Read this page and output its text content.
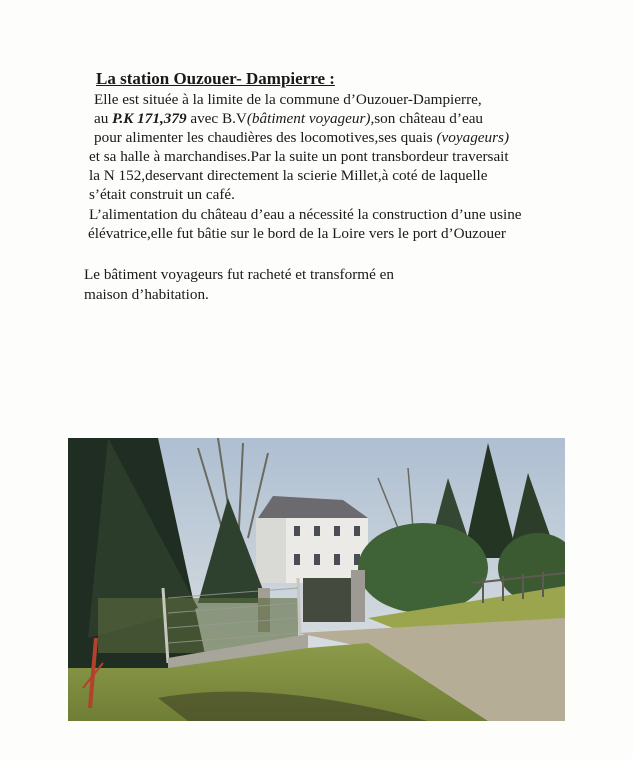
La station Ouzouer- Dampierre :
Elle est située à la limite de la commune d’Ouzouer-Dampierre,
au P.K 171,379 avec B.V(bâtiment voyageur),son château d’eau
pour alimenter les chaudières des locomotives,ses quais (voyageurs)
et sa halle à marchandises.Par la suite un pont transbordeur traversait
la N 152,deservant directement la scierie Millet,à coté de laquelle
s’était construit un café.
L’alimentation du château d’eau a nécessité la construction d’une usine
élévatrice,elle fut bâtie sur le bord de la Loire vers le port d’Ouzouer
Le bâtiment voyageurs fut racheté et transformé en
maison d’habitation.
